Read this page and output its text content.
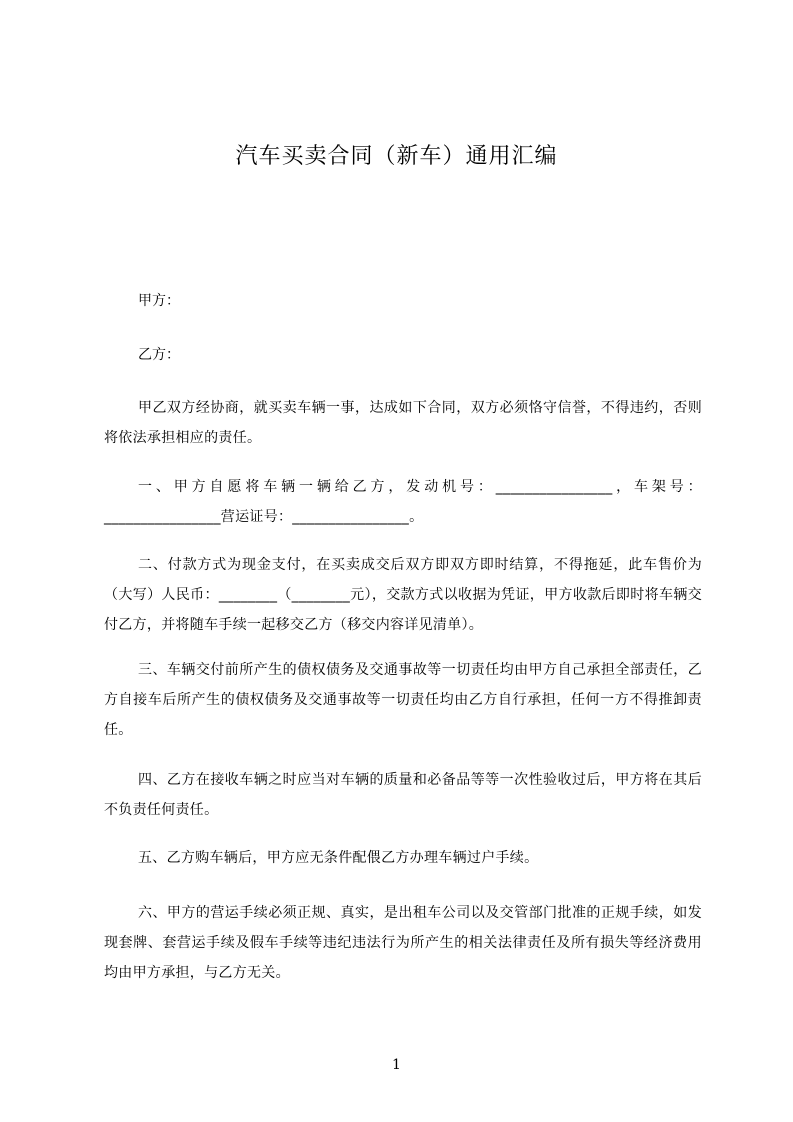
汽车买卖合同（新车）通用汇编
甲方：
乙方：

甲乙双方经协商，就买卖车辆一事，达成如下合同，双方必须恪守信誉，不得违约，否则将依法承担相应的责任。

一、甲方自愿将车辆一辆给乙方，发动机号：________________，车架号：________________营运证号：________________。

二、付款方式为现金支付，在买卖成交后双方即双方即时结算，不得拖延，此车售价为（大写）人民币：________（________元），交款方式以收据为凭证，甲方收款后即时将车辆交付乙方，并将随车手续一起移交乙方（移交内容详见清单）。

三、车辆交付前所产生的债权债务及交通事故等一切责任均由甲方自己承担全部责任，乙方自接车后所产生的债权债务及交通事故等一切责任均由乙方自行承担，任何一方不得推卸责任。

四、乙方在接收车辆之时应当对车辆的质量和必备品等等一次性验收过后，甲方将在其后不负责任何责任。

五、乙方购车辆后，甲方应无条件配偎乙方办理车辆过户手续。

六、甲方的营运手续必须正规、真实，是出租车公司以及交管部门批准的正规手续，如发现套牌、套营运手续及假车手续等违纪违法行为所产生的相关法律责任及所有损失等经济费用均由甲方承担，与乙方无关。

1
